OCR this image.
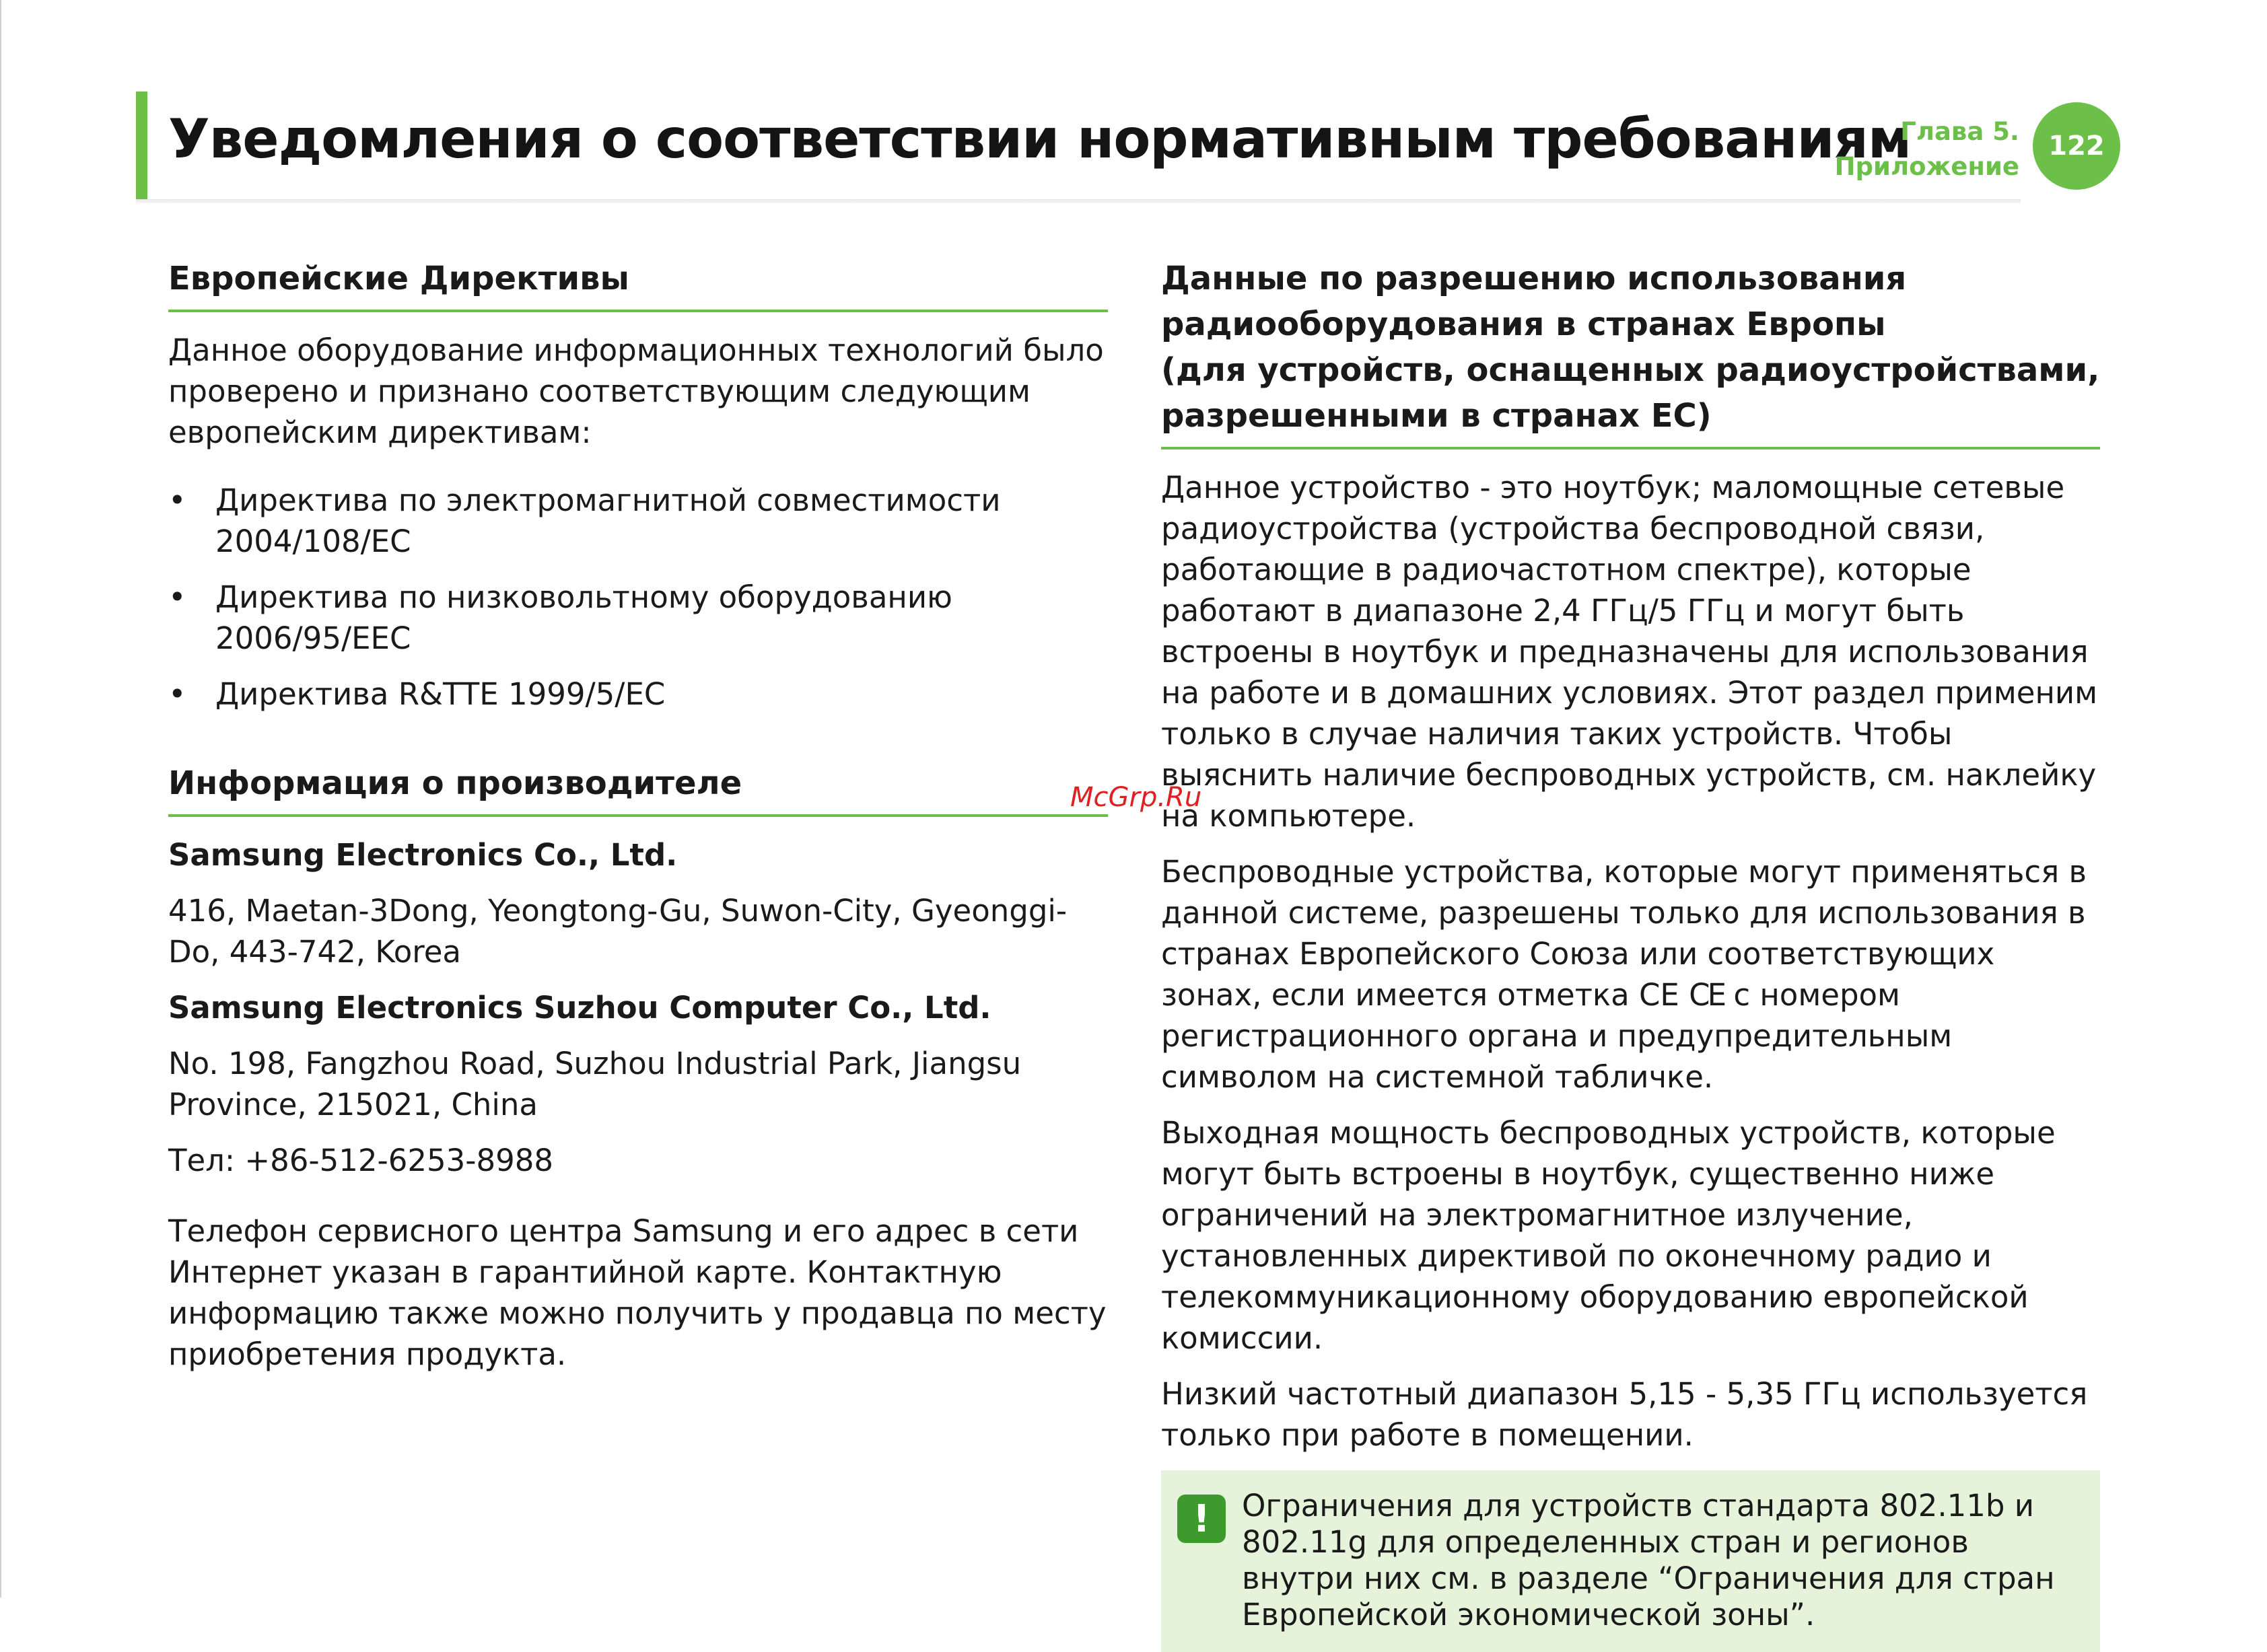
Уведомления о соответствии нормативным требованиям
Глава 5.
Приложение
122
Европейские Директивы

Данное оборудование информационных технологий было проверено и признано соответствующим следующим европейским директивам:

• Директива по электромагнитной совместимости 2004/108/EC
• Директива по низковольтному оборудованию 2006/95/EEC
• Директива R&TTE 1999/5/EC
Информация о производителе

Samsung Electronics Co., Ltd.

416, Maetan-3Dong, Yeongtong-Gu, Suwon-City, Gyeonggi-Do, 443-742, Korea

Samsung Electronics Suzhou Computer Co., Ltd.

No. 198, Fangzhou Road, Suzhou Industrial Park, Jiangsu Province, 215021, China

Тел: +86-512-6253-8988

Телефон сервисного центра Samsung и его адрес в сети Интернет указан в гарантийной карте. Контактную информацию также можно получить у продавца по месту приобретения продукта.

Данные по разрешению использования
радиооборудования в странах Европы
(для устройств, оснащенных радиоустройствами,
разрешенными в странах ЕС)

Данное устройство - это ноутбук; маломощные сетевые радиоустройства (устройства беспроводной связи, работающие в радиочастотном спектре), которые работают в диапазоне 2,4 ГГц/5 ГГц и могут быть встроены в ноутбук и предназначены для использования на работе и в домашних условиях. Этот раздел применим только в случае наличия таких устройств. Чтобы выяснить наличие беспроводных устройств, см. наклейку на компьютере.

Беспроводные устройства, которые могут применяться в данной системе, разрешены только для использования в странах Европейского Союза или соответствующих зонах, если имеется отметка CE CE с номером регистрационного органа и предупредительным символом на системной табличке.

Выходная мощность беспроводных устройств, которые могут быть встроены в ноутбук, существенно ниже ограничений на электромагнитное излучение, установленных директивой по оконечному радио и телекоммуникационному оборудованию европейской комиссии.

Низкий частотный диапазон 5,15 - 5,35 ГГц используется только при работе в помещении.

!	Ограничения для устройств стандарта 802.11b и 802.11g для определенных стран и регионов внутри них см. в разделе “Ограничения для стран Европейской экономической зоны”.
McGrp.Ru
